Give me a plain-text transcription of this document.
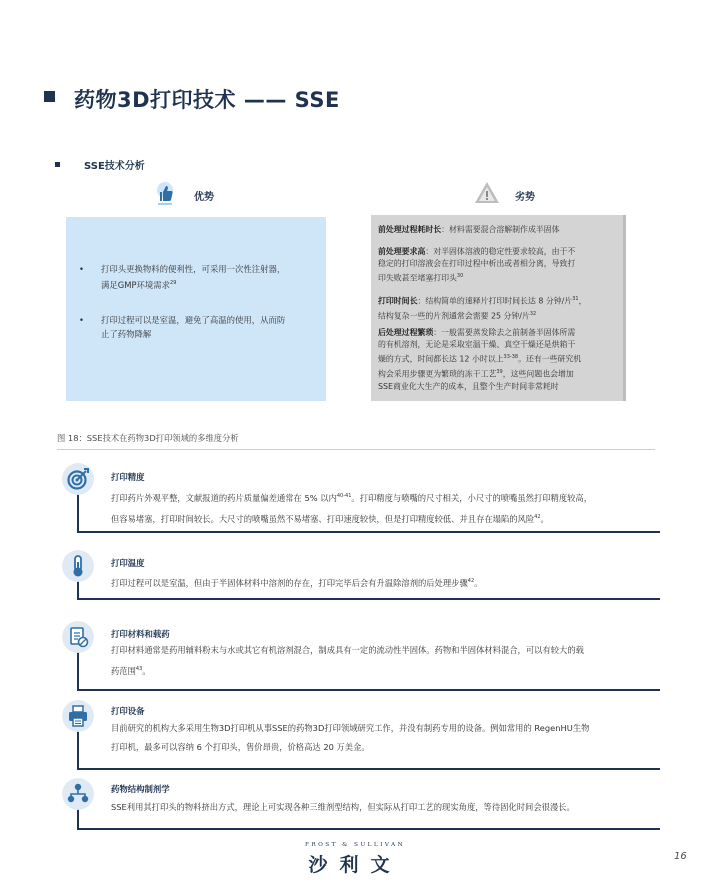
药物3D打印技术 —— SSE
SSE技术分析
优势	劣势
•	打印头更换物料的便利性，可采用一次性注射器，
满足GMP环境需求$^{29}$
•	打印过程可以是室温，避免了高温的使用，从而防
止了药物降解
前处理过程耗时长：材料需要混合溶解制作成半固体
前处理要求高：对半固体溶液的稳定性要求较高，由于不
稳定的打印溶液会在打印过程中析出或者相分离，导致打
印失败甚至堵塞打印头$^{30}$
打印时间长：结构简单的速释片打印时间长达 8 分钟/片$^{31}$，
结构复杂一些的片剂通常会需要 25 分钟/片$^{32}$
后处理过程繁琐：一般需要蒸发除去之前制备半固体所需
的有机溶剂，无论是采取室温干燥、真空干燥还是烘箱干
燥的方式，时间都长达 12 小时以上$^{33-38}$。还有一些研究机
构会采用步骤更为繁琐的冻干工艺$^{39}$，这些问题也会增加
SSE商业化大生产的成本，且整个生产时间非常耗时
图 18：SSE技术在药物3D打印领域的多维度分析
打印精度
打印药片外观平整，文献报道的药片质量偏差通常在 5% 以内$^{40-41}$。打印精度与喷嘴的尺寸相关，小尺寸的喷嘴虽然打印精度较高，
但容易堵塞，打印时间较长。大尺寸的喷嘴虽然不易堵塞、打印速度较快，但是打印精度较低、并且存在塌陷的风险$^{42}$。
打印温度
打印过程可以是室温，但由于半固体材料中溶剂的存在，打印完毕后会有升温除溶剂的后处理步骤$^{42}$。
打印材料和载药
打印材料通常是药用辅料粉末与水或其它有机溶剂混合，制成具有一定的流动性半固体。药物和半固体材料混合，可以有较大的载
药范围$^{43}$。
打印设备
目前研究的机构大多采用生物3D打印机从事SSE的药物3D打印领域研究工作，并没有制药专用的设备。例如常用的 RegenHU生物
打印机，最多可以容纳 6 个打印头，售价昂贵，价格高达 20 万美金。
药物结构制剂学
SSE利用其打印头的物料挤出方式，理论上可实现各种三维剂型结构，但实际从打印工艺的现实角度，等待固化时间会很漫长。
FROST & SULLIVAN
沙利文	16
